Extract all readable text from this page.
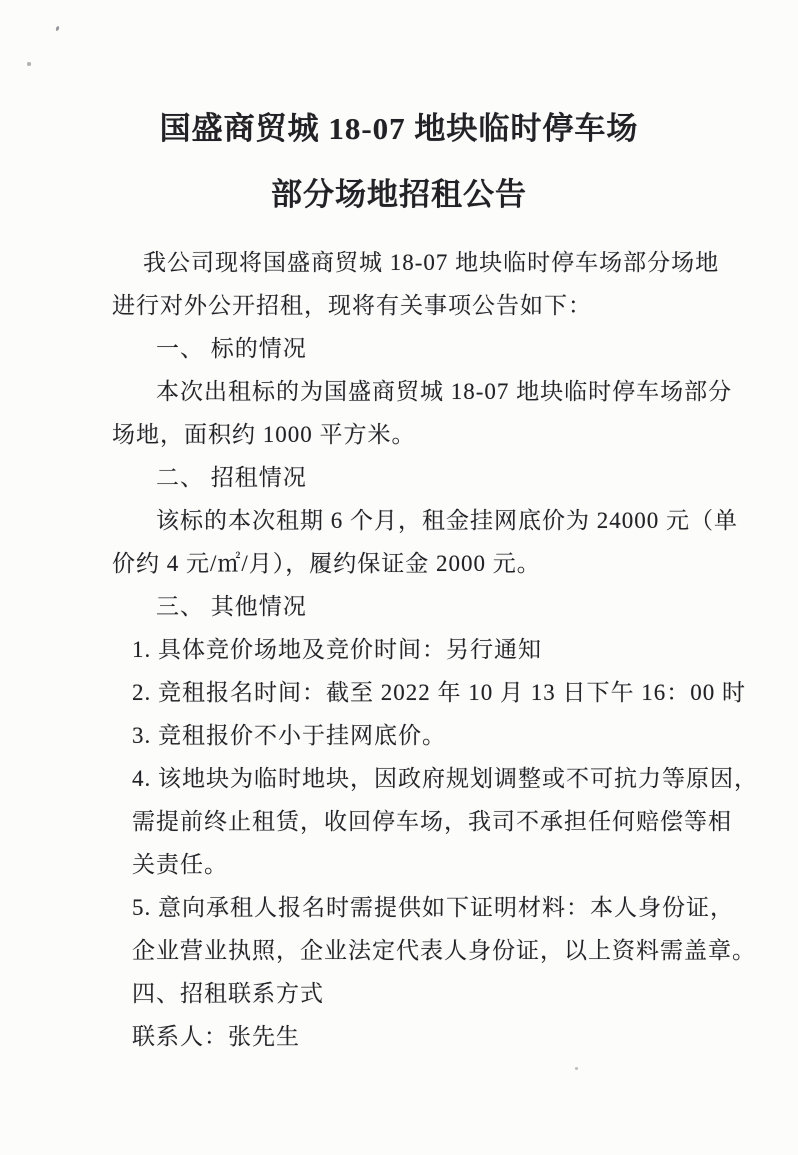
国盛商贸城 18-07 地块临时停车场
部分场地招租公告
我公司现将国盛商贸城 18-07 地块临时停车场部分场地
进行对外公开招租，现将有关事项公告如下：
一、 标的情况
本次出租标的为国盛商贸城 18-07 地块临时停车场部分
场地，面积约 1000 平方米。
二、 招租情况
该标的本次租期 6 个月，租金挂网底价为 24000 元（单
价约 4 元/㎡/月），履约保证金 2000 元。
三、 其他情况
1. 具体竞价场地及竞价时间：另行通知
2. 竞租报名时间：截至 2022 年 10 月 13 日下午 16：00 时
3. 竞租报价不小于挂网底价。
4. 该地块为临时地块，因政府规划调整或不可抗力等原因，
需提前终止租赁，收回停车场，我司不承担任何赔偿等相
关责任。
5. 意向承租人报名时需提供如下证明材料：本人身份证，
企业营业执照，企业法定代表人身份证，以上资料需盖章。
四、招租联系方式
联系人：张先生
